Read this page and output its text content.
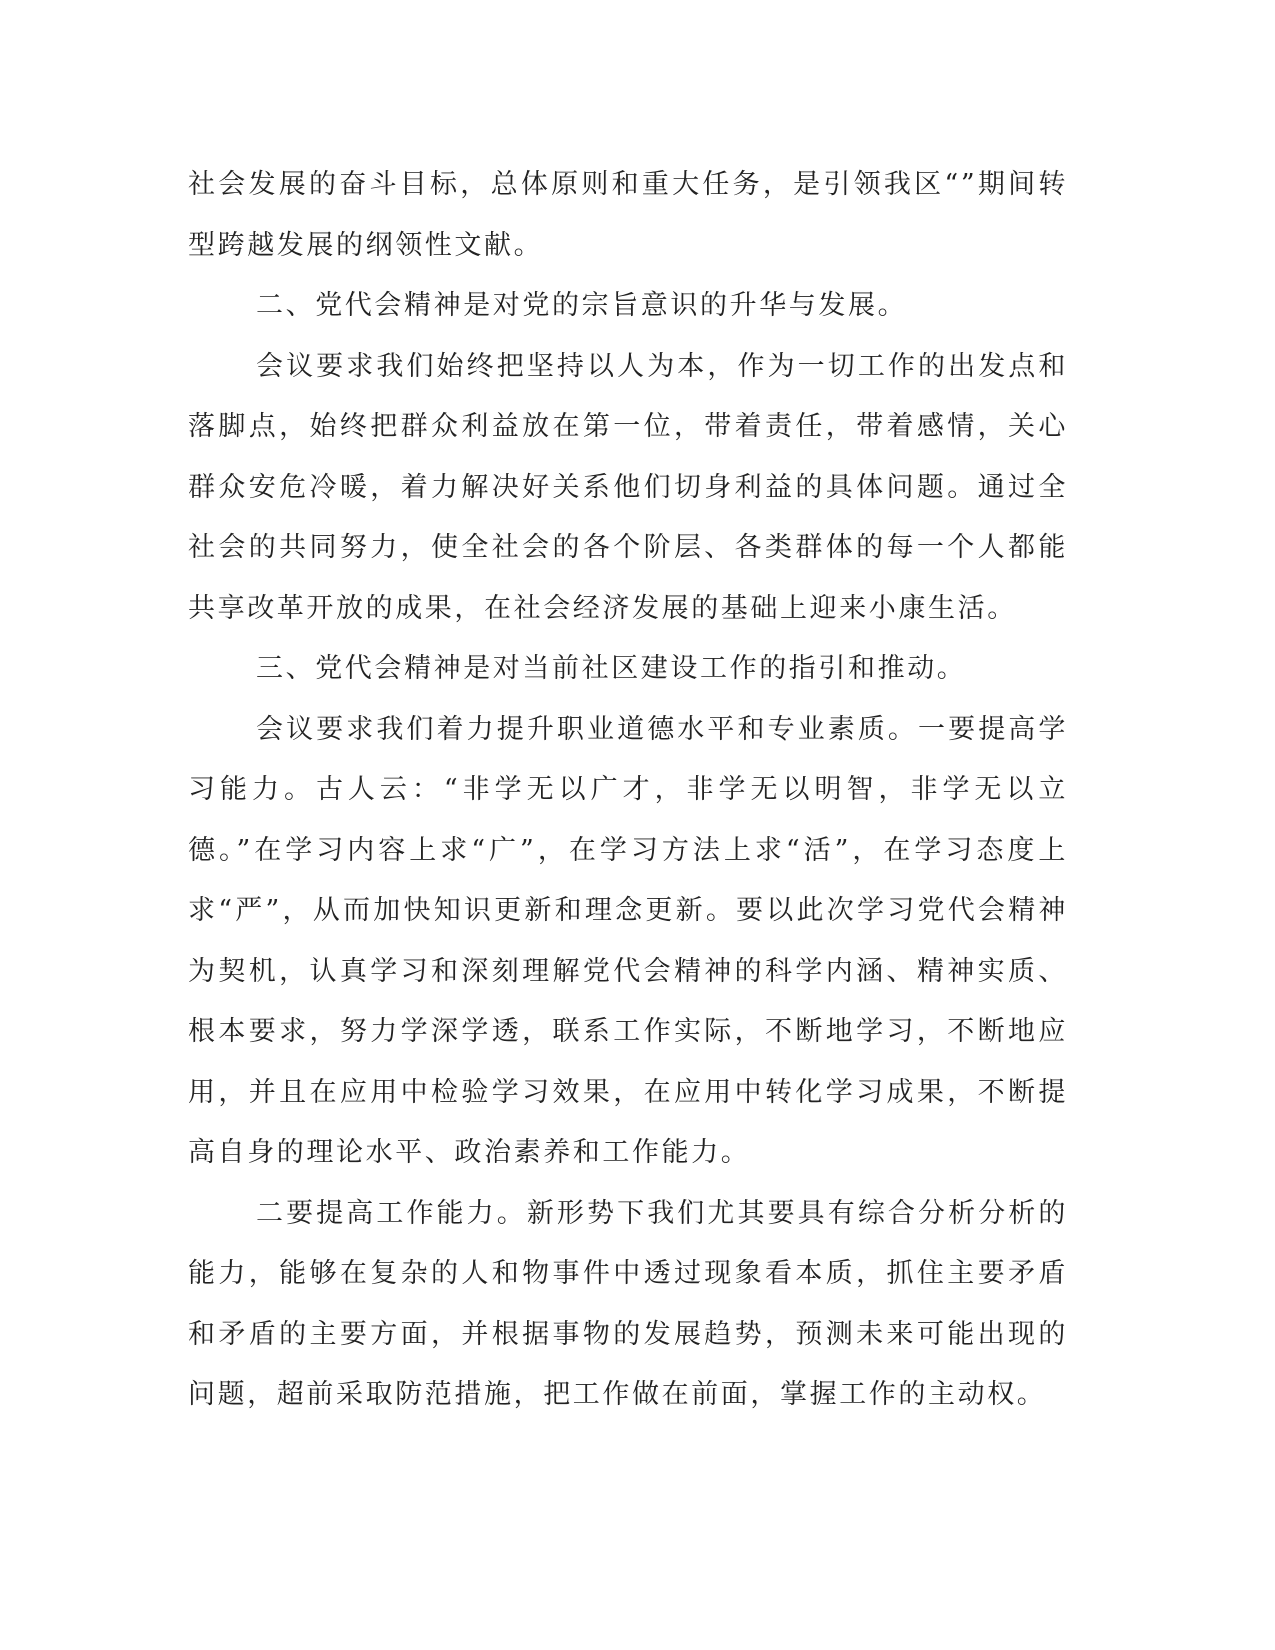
社会发展的奋斗目标，总体原则和重大任务，是引领我区“”期间转型跨越发展的纲领性文献。

二、党代会精神是对党的宗旨意识的升华与发展。

会议要求我们始终把坚持以人为本，作为一切工作的出发点和落脚点，始终把群众利益放在第一位，带着责任，带着感情，关心群众安危冷暖，着力解决好关系他们切身利益的具体问题。通过全社会的共同努力，使全社会的各个阶层、各类群体的每一个人都能共享改革开放的成果，在社会经济发展的基础上迎来小康生活。

三、党代会精神是对当前社区建设工作的指引和推动。

会议要求我们着力提升职业道德水平和专业素质。一要提高学习能力。古人云：“非学无以广才，非学无以明智，非学无以立德。”在学习内容上求“广”，在学习方法上求“活”，在学习态度上求“严”，从而加快知识更新和理念更新。要以此次学习党代会精神为契机，认真学习和深刻理解党代会精神的科学内涵、精神实质、根本要求，努力学深学透，联系工作实际，不断地学习，不断地应用，并且在应用中检验学习效果，在应用中转化学习成果，不断提高自身的理论水平、政治素养和工作能力。

二要提高工作能力。新形势下我们尤其要具有综合分析分析的能力，能够在复杂的人和物事件中透过现象看本质，抓住主要矛盾和矛盾的主要方面，并根据事物的发展趋势，预测未来可能出现的问题，超前采取防范措施，把工作做在前面，掌握工作的主动权。
